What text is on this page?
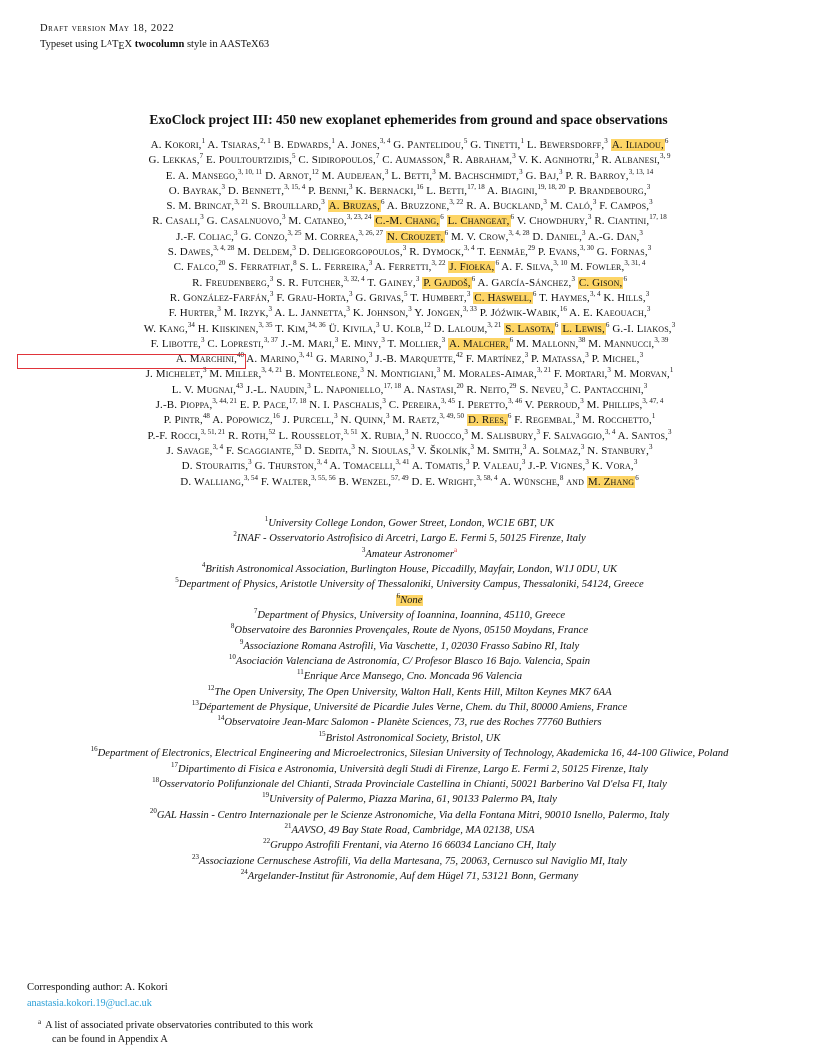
Draft version May 18, 2022
Typeset using $L^AT_EX$ twocolumn style in AASTeX63
ExoClock project III: 450 new exoplanet ephemerides from ground and space observations
A. Kokori,$^1$ A. Tsiaras,$^{2, 1}$ B. Edwards,$^1$ A. Jones,$^{3, 4}$ G. Pantelidou,$^5$ G. Tinetti,$^1$ L. Bewersdorff,$^3$ A. Iliadou,$^6$
G. Lekkas,$^7$ E. Poultourtzidis,$^5$ C. Sidiropoulos,$^7$ C. Aumasson,$^8$ R. Abraham,$^3$ V. K. Agnihotri,$^3$ R. Albanesi,$^{3, 9}$
E. A. Mansego,$^{3, 10, 11}$ D. Arnot,$^{12}$ M. Audejean,$^3$ L. Betti,$^3$ M. Bachschmidt,$^3$ G. Baj,$^3$ P. R. Barroy,$^{3, 13, 14}$
O. Bayrak,$^3$ D. Bennett,$^{3, 15, 4}$ P. Benni,$^3$ K. Bernacki,$^{16}$ L. Betti,$^{17, 18}$ A. Biagini,$^{19, 18, 20}$ P. Brandebourg,$^3$
S. M. Brincat,$^{3, 21}$ S. Brouillard,$^3$ A. Bruzas,$^6$ A. Bruzzone,$^{3, 22}$ R. A. Buckland,$^3$ M. Caló,$^3$ F. Campos,$^3$
R. Casali,$^3$ G. Casalnuovo,$^3$ M. Cataneo,$^{3, 23, 24}$ C.-M. Chang,$^6$ L. Changeat,$^6$ V. Chowdhury,$^3$ R. Ciantini,$^{17, 18}$
J.-F. Coliac,$^3$ G. Conzo,$^{3, 25}$ M. Correa,$^{3, 26, 27}$ N. Crouzet,$^6$ M. V. Crow,$^{3, 4, 28}$ D. Daniel,$^3$ A.-G. Dan,$^3$
S. Dawes,$^{3, 4, 28}$ M. Deldem,$^3$ D. Deligeorgopoulos,$^3$ R. Dymock,$^{3, 4}$ T. Eenmäe,$^{29}$ P. Evans,$^{3, 30}$ G. Fornas,$^3$
C. Falco,$^{20}$ S. Ferratfiat,$^8$ S. L. Ferreira,$^3$ A. Ferretti,$^{3, 22}$ J. Fiołka,$^6$ A. F. Silva,$^{3, 10}$ M. Fowler,$^{3, 31, 4}$
R. Freudenberg,$^3$ S. R. Futcher,$^{3, 32, 4}$ T. Gainey,$^3$ P. Gajdoš,$^6$ A. García-Sánchez,$^3$ C. Gison,$^6$
R. González-Farfán,$^3$ F. Grau-Horta,$^3$ G. Grivas,$^5$ T. Humbert,$^3$ C. Haswell,$^6$ T. Haymes,$^{3, 4}$ K. Hills,$^3$
F. Hurter,$^3$ M. Irzyk,$^3$ A. L. Jannetta,$^3$ K. Johnson,$^3$ Y. Jongen,$^{3, 33}$ P. Jóźwik-Wabik,$^{16}$ A. E. Kaeouach,$^3$
W. Kang,$^{34}$ H. Kiiskinen,$^{3, 35}$ T. Kim,$^{34, 36}$ Ü. Kivila,$^3$ U. Kolb,$^{12}$ D. Laloum,$^{3, 21}$ S. Lasota,$^6$ L. Lewis,$^6$ G.-I. Liakos,$^3$
F. Libotte,$^3$ C. Lopresti,$^{3, 37}$ J.-M. Mari,$^3$ E. Miny,$^3$ T. Mollier,$^3$ A. Malcher,$^6$ M. Mallonn,$^{38}$ M. Mannucci,$^{3, 39}$
A. Marchini,$^{40}$ A. Marino,$^{3, 41}$ G. Marino,$^3$ J.-B. Marquette,$^{42}$ F. Martínez,$^3$ P. Matassa,$^3$ P. Michel,$^3$
J. Michelet,$^3$ M. Miller,$^{3, 4, 21}$ B. Monteleone,$^3$ N. Montigiani,$^3$ M. Morales-Aimar,$^{3, 21}$ F. Mortari,$^3$ M. Morvan,$^1$
L. V. Mugnai,$^{43}$ J.-L. Naudin,$^3$ L. Naponiello,$^{17, 18}$ A. Nastasi,$^{20}$ R. Neito,$^{29}$ S. Neveu,$^3$ C. Pantacchini,$^3$
J.-B. Pioppa,$^{3, 44, 21}$ E. P. Pace,$^{17, 18}$ N. I. Paschalis,$^3$ C. Pereira,$^{3, 45}$ I. Peretto,$^{3, 46}$ V. Perroud,$^3$ M. Phillips,$^{3, 47, 4}$
P. Pintr,$^{48}$ A. Popowicz,$^{16}$ J. Purcell,$^3$ N. Quinn,$^3$ M. Raetz,$^{3, 49, 50}$ D. Rees,$^6$ F. Regembal,$^3$ M. Rocchetto,$^1$
P.-F. Rocci,$^{3, 51, 21}$ R. Roth,$^{52}$ L. Rousselot,$^{3, 51}$ X. Rubia,$^3$ N. Ruocco,$^3$ M. Salisbury,$^3$ F. Salvaggio,$^{3, 4}$ A. Santos,$^3$
J. Savage,$^{3, 4}$ F. Scaggiante,$^{53}$ D. Sedita,$^3$ N. Sioulas,$^3$ V. Školník,$^3$ M. Smith,$^3$ A. Solmaz,$^3$ N. Stanbury,$^3$
D. Stouraitis,$^3$ G. Thurston,$^{3, 4}$ A. Tomacelli,$^{3, 41}$ A. Tomatis,$^3$ P. Valeau,$^3$ J.-P. Vignes,$^3$ K. Vora,$^3$
D. Walliang,$^{3, 54}$ F. Walter,$^{3, 55, 56}$ B. Wenzel,$^{57, 49}$ D. E. Wright,$^{3, 58, 4}$ A. Wünsche,$^8$ and M. Zhang$^6$
$^1$University College London, Gower Street, London, WC1E 6BT, UK
$^2$INAF - Osservatorio Astrofisico di Arcetri, Largo E. Fermi 5, 50125 Firenze, Italy
$^3$Amateur Astronomer$^a$
$^4$British Astronomical Association, Burlington House, Piccadilly, Mayfair, London, W1J 0DU, UK
$^5$Department of Physics, Aristotle University of Thessaloniki, University Campus, Thessaloniki, 54124, Greece
$^6$None
$^7$Department of Physics, University of Ioannina, Ioannina, 45110, Greece
$^8$Observatoire des Baronnies Provençales, Route de Nyons, 05150 Moydans, France
$^9$Associazione Romana Astrofili, Via Vaschette, 1, 02030 Frasso Sabino RI, Italy
$^{10}$Asociación Valenciana de Astronomía, C/ Profesor Blasco 16 Bajo. Valencia, Spain
$^{11}$Enrique Arce Mansego, Cno. Moncada 96 Valencia
$^{12}$The Open University, The Open University, Walton Hall, Kents Hill, Milton Keynes MK7 6AA
$^{13}$Département de Physique, Université de Picardie Jules Verne, Chem. du Thil, 80000 Amiens, France
$^{14}$Observatoire Jean-Marc Salomon - Planète Sciences, 73, rue des Roches 77760 Buthiers
$^{15}$Bristol Astronomical Society, Bristol, UK
$^{16}$Department of Electronics, Electrical Engineering and Microelectronics, Silesian University of Technology, Akademicka 16, 44-100 Gliwice, Poland
$^{17}$Dipartimento di Fisica e Astronomia, Università degli Studi di Firenze, Largo E. Fermi 2, 50125 Firenze, Italy
$^{18}$Osservatorio Polifunzionale del Chianti, Strada Provinciale Castellina in Chianti, 50021 Barberino Val D'elsa FI, Italy
$^{19}$University of Palermo, Piazza Marina, 61, 90133 Palermo PA, Italy
$^{20}$GAL Hassin - Centro Internazionale per le Scienze Astronomiche, Via della Fontana Mitri, 90010 Isnello, Palermo, Italy
$^{21}$AAVSO, 49 Bay State Road, Cambridge, MA 02138, USA
$^{22}$Gruppo Astrofili Frentani, via Aterno 16 66034 Lanciano CH, Italy
$^{23}$Associazione Cernuschese Astrofili, Via della Martesana, 75, 20063, Cernusco sul Naviglio MI, Italy
$^{24}$Argelander-Institut für Astronomie, Auf dem Hügel 71, 53121 Bonn, Germany
Corresponding author: A. Kokori
anastasia.kokori.19@ucl.ac.uk
$^a$ A list of associated private observatories contributed to this work
can be found in Appendix A
